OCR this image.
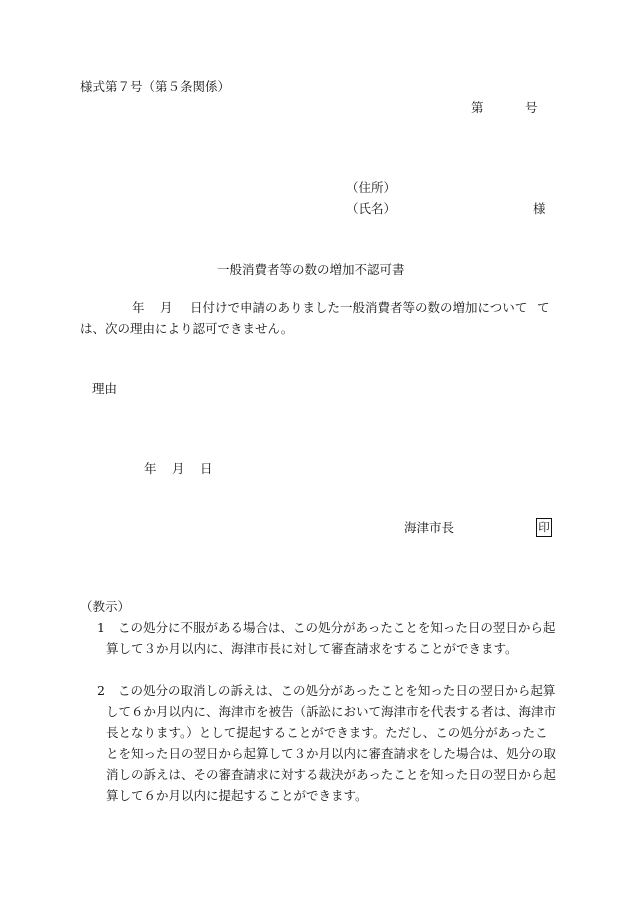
様式第７号（第５条関係）
第	号
（住所）
（氏名）	様
一般消費者等の数の増加不認可書
年 月 日付けで申請のありました一般消費者等の数の増加について て
は、次の理由により認可できません。
理由
年 月 日
海津市長	印
（教示）
1	この処分に不服がある場合は、この処分があったことを知った日の翌日から起算して３か月以内に、海津市長に対して審査請求をすることができます。
2	この処分の取消しの訴えは、この処分があったことを知った日の翌日から起算して６か月以内に、海津市を被告（訴訟において海津市を代表する者は、海津市長となります。）として提起することができます。ただし、この処分があったことを知った日の翌日から起算して３か月以内に審査請求をした場合は、処分の取消しの訴えは、その審査請求に対する裁決があったことを知った日の翌日から起算して６か月以内に提起することができます。
